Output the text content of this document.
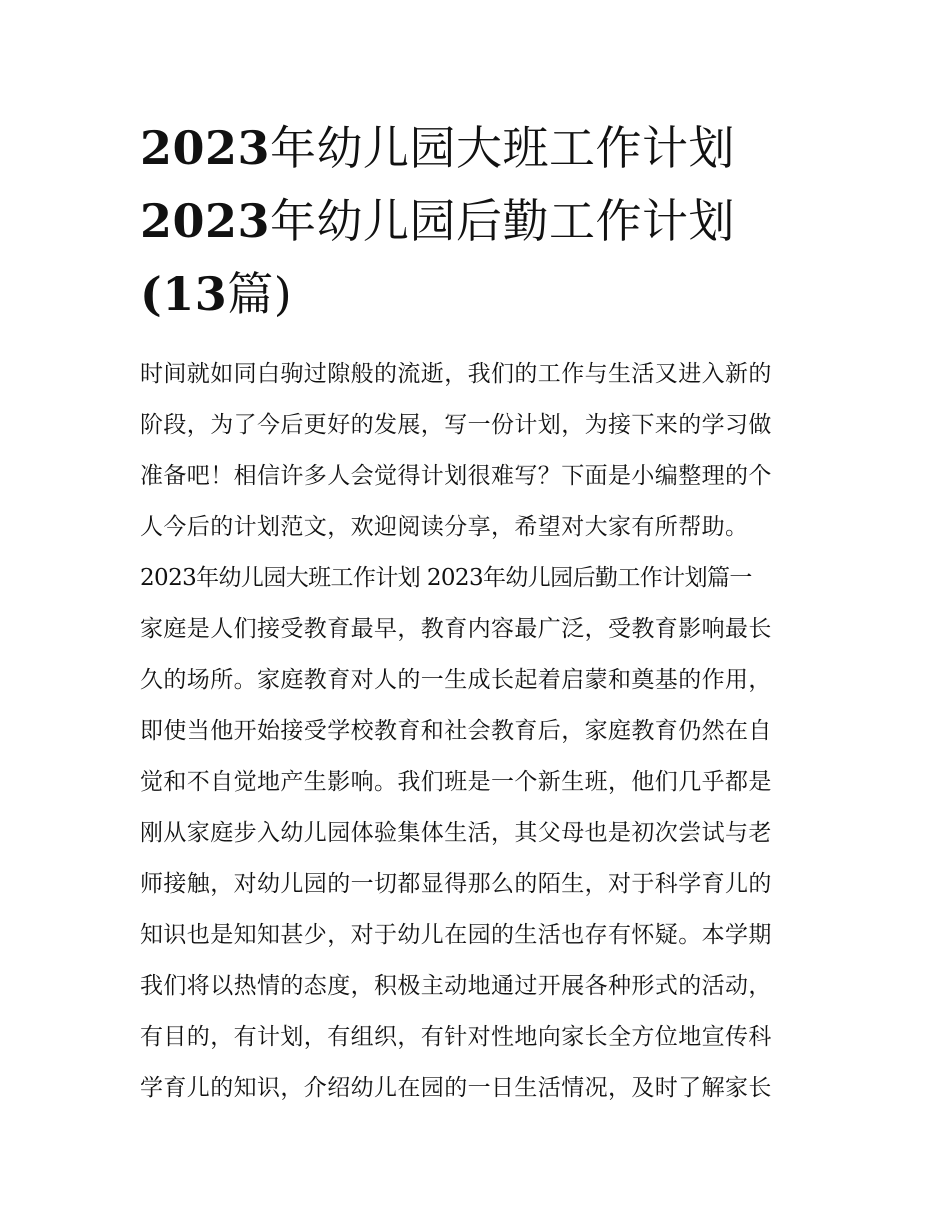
2023年幼儿园大班工作计划
2023年幼儿园后勤工作计划
(13篇)
时间就如同白驹过隙般的流逝，我们的工作与生活又进入新的
阶段，为了今后更好的发展，写一份计划，为接下来的学习做
准备吧！相信许多人会觉得计划很难写？下面是小编整理的个
人今后的计划范文，欢迎阅读分享，希望对大家有所帮助。
2023年幼儿园大班工作计划 2023年幼儿园后勤工作计划篇一
家庭是人们接受教育最早，教育内容最广泛，受教育影响最长
久的场所。家庭教育对人的一生成长起着启蒙和奠基的作用，
即使当他开始接受学校教育和社会教育后，家庭教育仍然在自
觉和不自觉地产生影响。我们班是一个新生班，他们几乎都是
刚从家庭步入幼儿园体验集体生活，其父母也是初次尝试与老
师接触，对幼儿园的一切都显得那么的陌生，对于科学育儿的
知识也是知知甚少，对于幼儿在园的生活也存有怀疑。本学期
我们将以热情的态度，积极主动地通过开展各种形式的活动，
有目的，有计划，有组织，有针对性地向家长全方位地宣传科
学育儿的知识，介绍幼儿在园的一日生活情况，及时了解家长
